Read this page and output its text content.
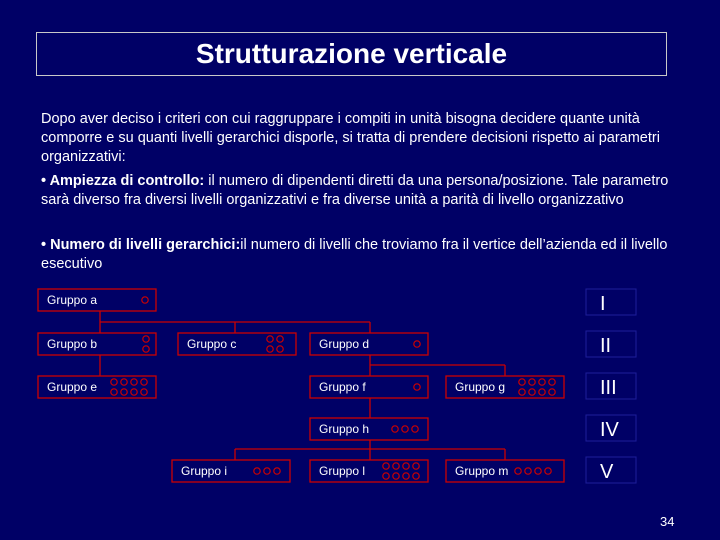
Strutturazione verticale
Dopo aver deciso i criteri con cui raggruppare i compiti in unità bisogna decidere quante unità comporre e su quanti livelli gerarchici disporle, si tratta di prendere decisioni rispetto ai parametri organizzativi:
• Ampiezza di controllo: il numero di dipendenti diretti da una persona/posizione. Tale parametro sarà diverso fra diversi livelli organizzativi e fra diverse unità a parità di livello organizzativo
• Numero di livelli gerarchici:il numero di livelli che troviamo fra il vertice dell’azienda ed il livello esecutivo
Gruppo a
Gruppo b	Gruppo c	Gruppo d
Gruppo e	Gruppo f	Gruppo g
Gruppo h
Gruppo i	Gruppo l	Gruppo m
I
II
III
IV
V
34
